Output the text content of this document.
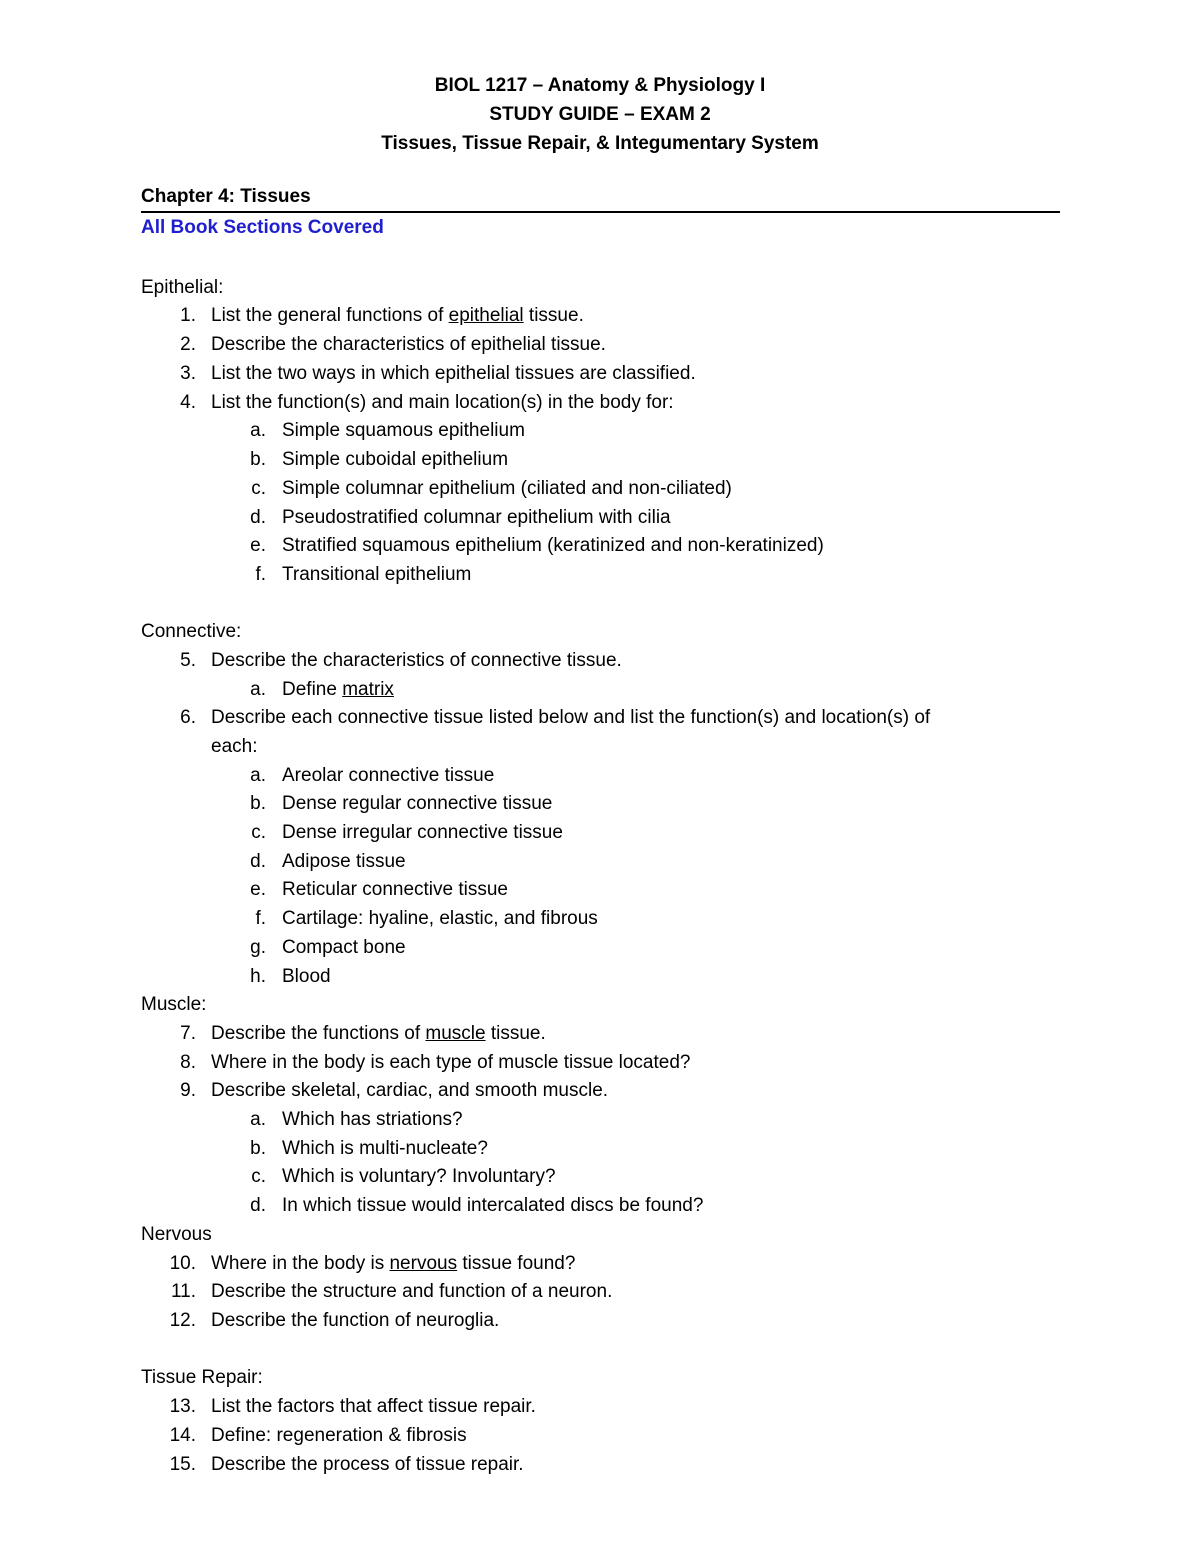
BIOL 1217 – Anatomy & Physiology I
STUDY GUIDE – EXAM 2
Tissues, Tissue Repair, & Integumentary System
Chapter 4: Tissues
All Book Sections Covered
Epithelial:
1. List the general functions of epithelial tissue.
2. Describe the characteristics of epithelial tissue.
3. List the two ways in which epithelial tissues are classified.
4. List the function(s) and main location(s) in the body for:
a. Simple squamous epithelium
b. Simple cuboidal epithelium
c. Simple columnar epithelium (ciliated and non-ciliated)
d. Pseudostratified columnar epithelium with cilia
e. Stratified squamous epithelium (keratinized and non-keratinized)
f. Transitional epithelium
Connective:
5. Describe the characteristics of connective tissue.
a. Define matrix
6. Describe each connective tissue listed below and list the function(s) and location(s) of
each:
a. Areolar connective tissue
b. Dense regular connective tissue
c. Dense irregular connective tissue
d. Adipose tissue
e. Reticular connective tissue
f. Cartilage: hyaline, elastic, and fibrous
g. Compact bone
h. Blood
Muscle:
7. Describe the functions of muscle tissue.
8. Where in the body is each type of muscle tissue located?
9. Describe skeletal, cardiac, and smooth muscle.
a. Which has striations?
b. Which is multi-nucleate?
c. Which is voluntary? Involuntary?
d. In which tissue would intercalated discs be found?
Nervous
10. Where in the body is nervous tissue found?
11. Describe the structure and function of a neuron.
12. Describe the function of neuroglia.
Tissue Repair:
13. List the factors that affect tissue repair.
14. Define: regeneration & fibrosis
15. Describe the process of tissue repair.
